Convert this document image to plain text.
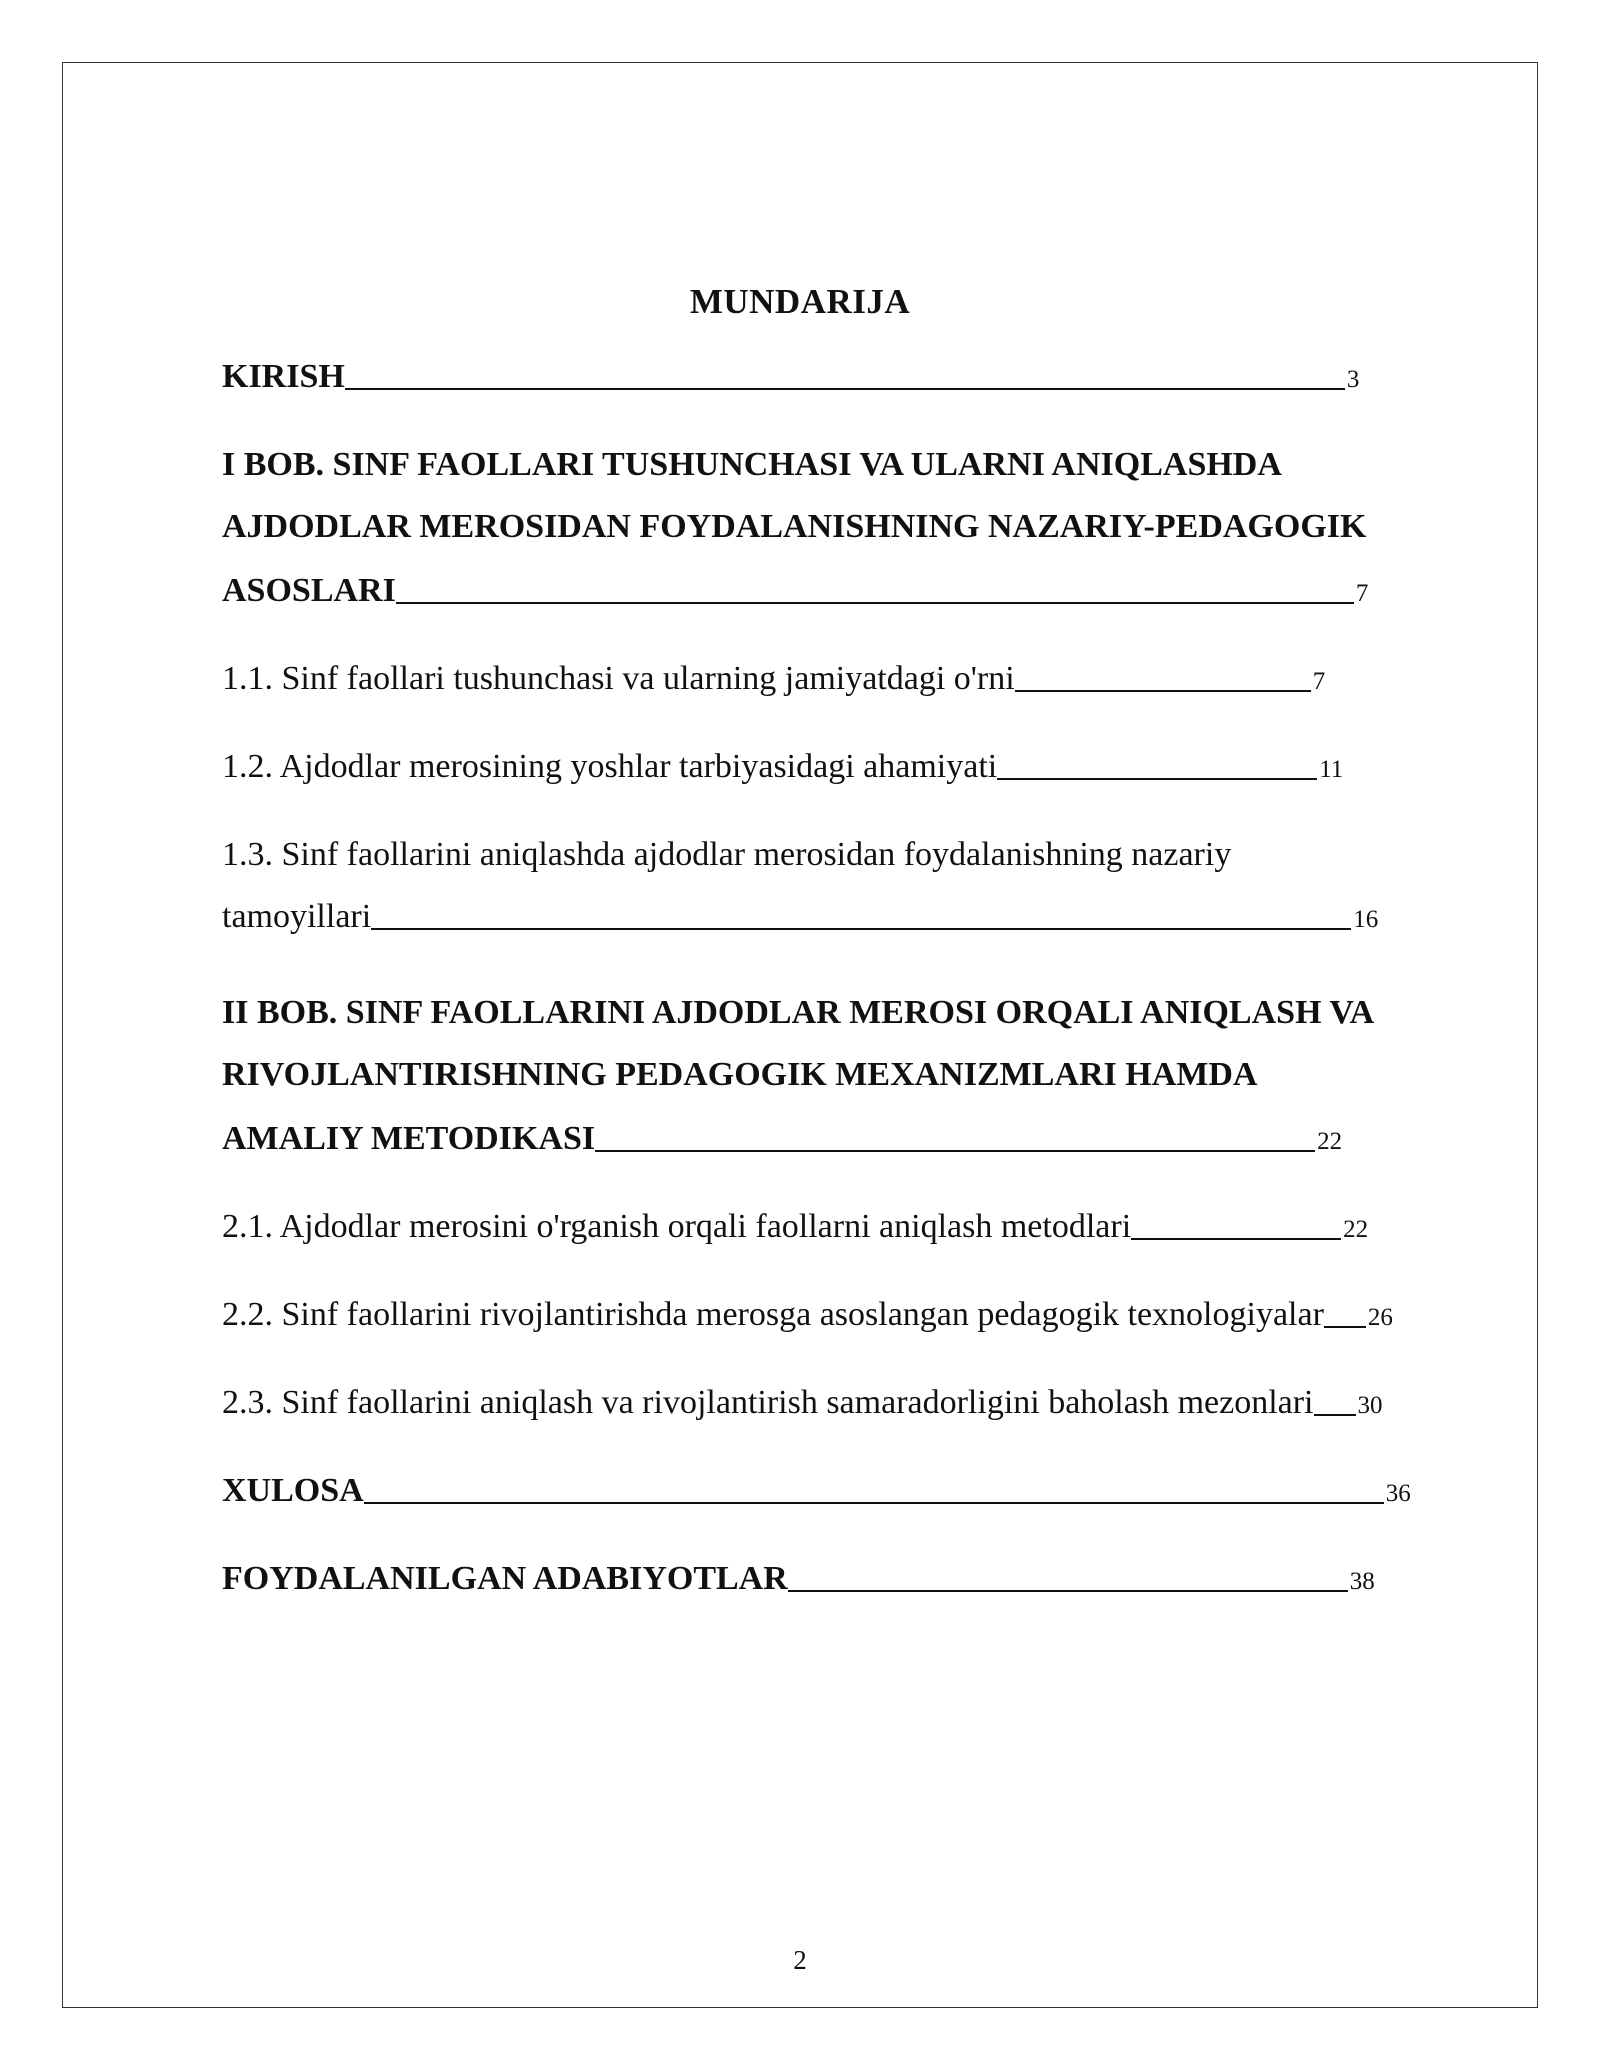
MUNDARIJA
KIRISH	3
I BOB. SINF FAOLLARI TUSHUNCHASI VA ULARNI ANIQLASHDA
AJDODLAR MEROSIDAN FOYDALANISHNING NAZARIY-PEDAGOGIK
ASOSLARI	7
1.1. Sinf faollari tushunchasi va ularning jamiyatdagi o'rni	7
1.2. Ajdodlar merosining yoshlar tarbiyasidagi ahamiyati	11
1.3. Sinf faollarini aniqlashda ajdodlar merosidan foydalanishning nazariy
tamoyillari	16
II BOB. SINF FAOLLARINI AJDODLAR MEROSI ORQALI ANIQLASH VA
RIVOJLANTIRISHNING PEDAGOGIK MEXANIZMLARI HAMDA
AMALIY METODIKASI	22
2.1. Ajdodlar merosini o'rganish orqali faollarni aniqlash metodlari	22
2.2. Sinf faollarini rivojlantirishda merosga asoslangan pedagogik texnologiyalar 26
2.3. Sinf faollarini aniqlash va rivojlantirish samaradorligini baholash mezonlari 30
XULOSA	36
FOYDALANILGAN ADABIYOTLAR	38
2
